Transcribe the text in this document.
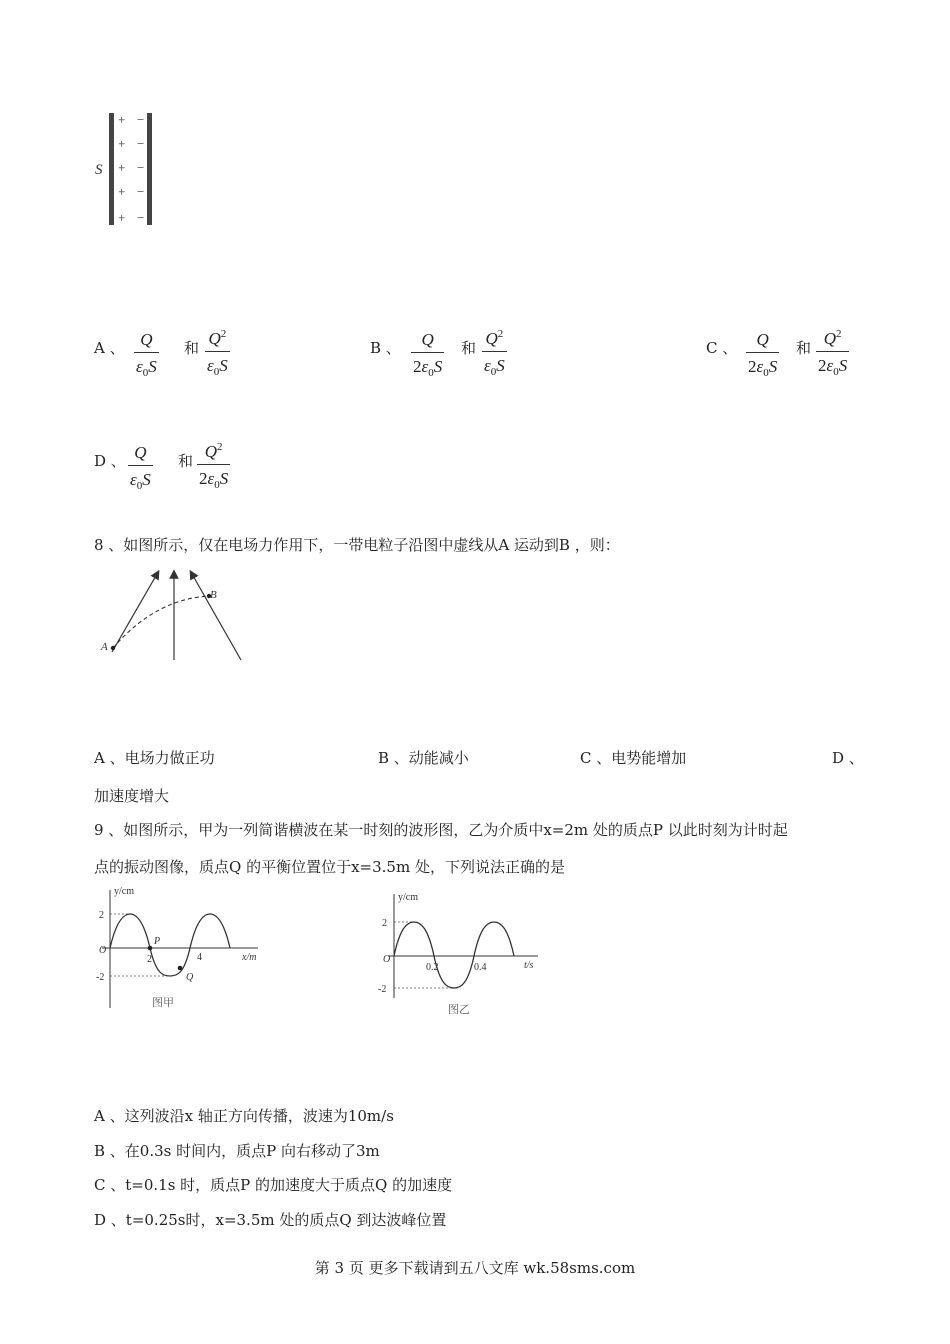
+
+
+
+
+
−
−
−
−
−
S
A 、 Q
$\varepsilon_0S$
和 $Q^2$
$\varepsilon_0S$
B 、	Q
$2\varepsilon_0S$
和 $Q^2$
$\varepsilon_0S$
C 、	Q
$2\varepsilon_0S$
和 $Q^2$
$2\varepsilon_0S$
D 、 Q
$\varepsilon_0S$
和 $Q^2$
$2\varepsilon_0S$
8 、如图所示，仅在电场力作用下，一带电粒子沿图中虚线从A 运动到B ，则：
A
B
A 、电场力做正功	B 、动能减小	C 、电势能增加	D 、
加速度增大
9 、如图所示，甲为一列简谐横波在某一时刻的波形图，乙为介质中x=2m 处的质点P 以此时刻为计时起
点的振动图像，质点Q 的平衡位置位于x=3.5m 处，下列说法正确的是
y/cm
x/m
O
2
-2
2	4
P
Q
图甲
y/cm
t/s
O
2
-2
0.2	0.4
图乙
A 、这列波沿x 轴正方向传播，波速为10m/s
B 、在0.3s 时间内，质点P 向右移动了3m
C 、t=0.1s 时，质点P 的加速度大于质点Q 的加速度
D 、t=0.25s时，x=3.5m 处的质点Q 到达波峰位置
第 3 页 更多下载请到五八文库 wk.58sms.com
